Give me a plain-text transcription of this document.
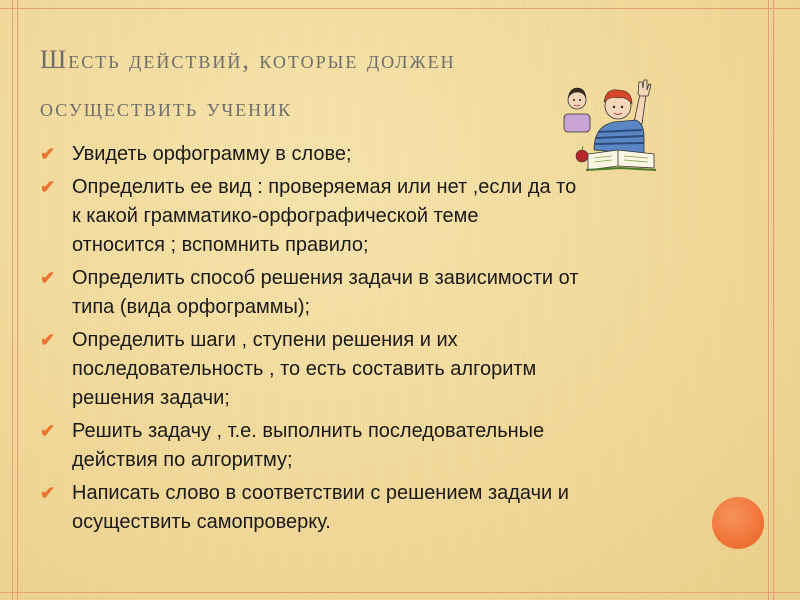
Шесть действий, которые должен
осуществить ученик
✔ Увидеть орфограмму в слове;
✔ Определить ее вид : проверяемая или нет ,если да то
к какой грамматико-орфографической теме
относится ; вспомнить правило;
✔ Определить способ решения задачи в зависимости от
типа (вида орфограммы);
✔ Определить шаги , ступени решения и их
последовательность , то есть составить алгоритм
решения задачи;
✔ Решить задачу , т.е. выполнить последовательные
действия по алгоритму;
✔ Написать слово в соответствии с решением задачи и
осуществить самопроверку.
